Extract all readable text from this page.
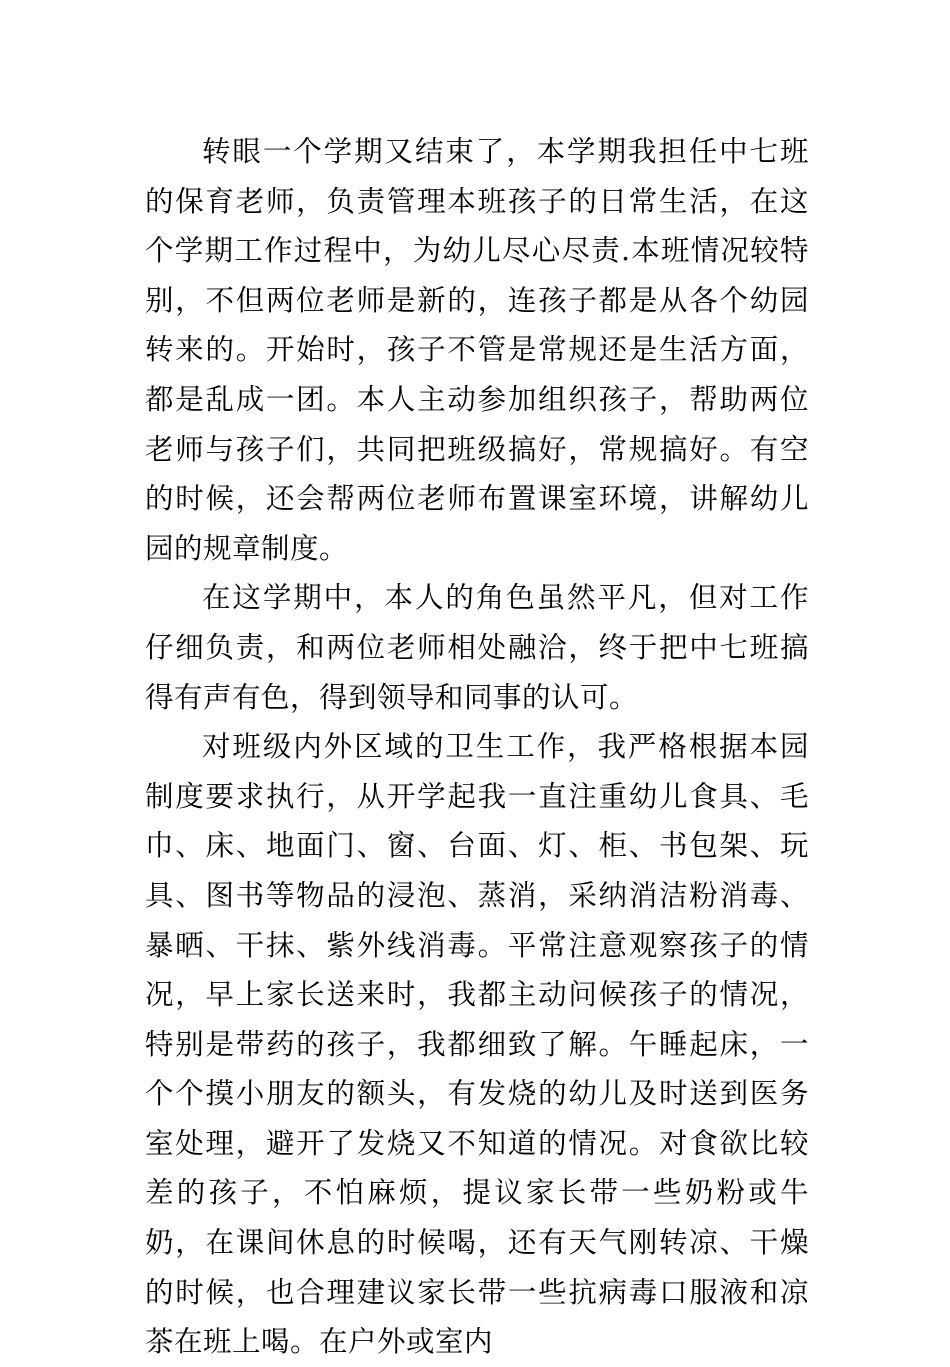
转眼一个学期又结束了，本学期我担任中七班的保育老师，负责管理本班孩子的日常生活，在这个学期工作过程中，为幼儿尽心尽责.本班情况较特别，不但两位老师是新的，连孩子都是从各个幼园转来的。开始时，孩子不管是常规还是生活方面，都是乱成一团。本人主动参加组织孩子，帮助两位老师与孩子们，共同把班级搞好，常规搞好。有空的时候，还会帮两位老师布置课室环境，讲解幼儿园的规章制度。

在这学期中，本人的角色虽然平凡，但对工作仔细负责，和两位老师相处融洽，终于把中七班搞得有声有色，得到领导和同事的认可。

对班级内外区域的卫生工作，我严格根据本园制度要求执行，从开学起我一直注重幼儿食具、毛巾、床、地面门、窗、台面、灯、柜、书包架、玩具、图书等物品的浸泡、蒸消，采纳消洁粉消毒、暴晒、干抹、紫外线消毒。平常注意观察孩子的情况，早上家长送来时，我都主动问候孩子的情况，特别是带药的孩子，我都细致了解。午睡起床，一个个摸小朋友的额头，有发烧的幼儿及时送到医务室处理，避开了发烧又不知道的情况。对食欲比较差的孩子，不怕麻烦，提议家长带一些奶粉或牛奶，在课间休息的时候喝，还有天气刚转凉、干燥的时候，也合理建议家长带一些抗病毒口服液和凉茶在班上喝。在户外或室内
